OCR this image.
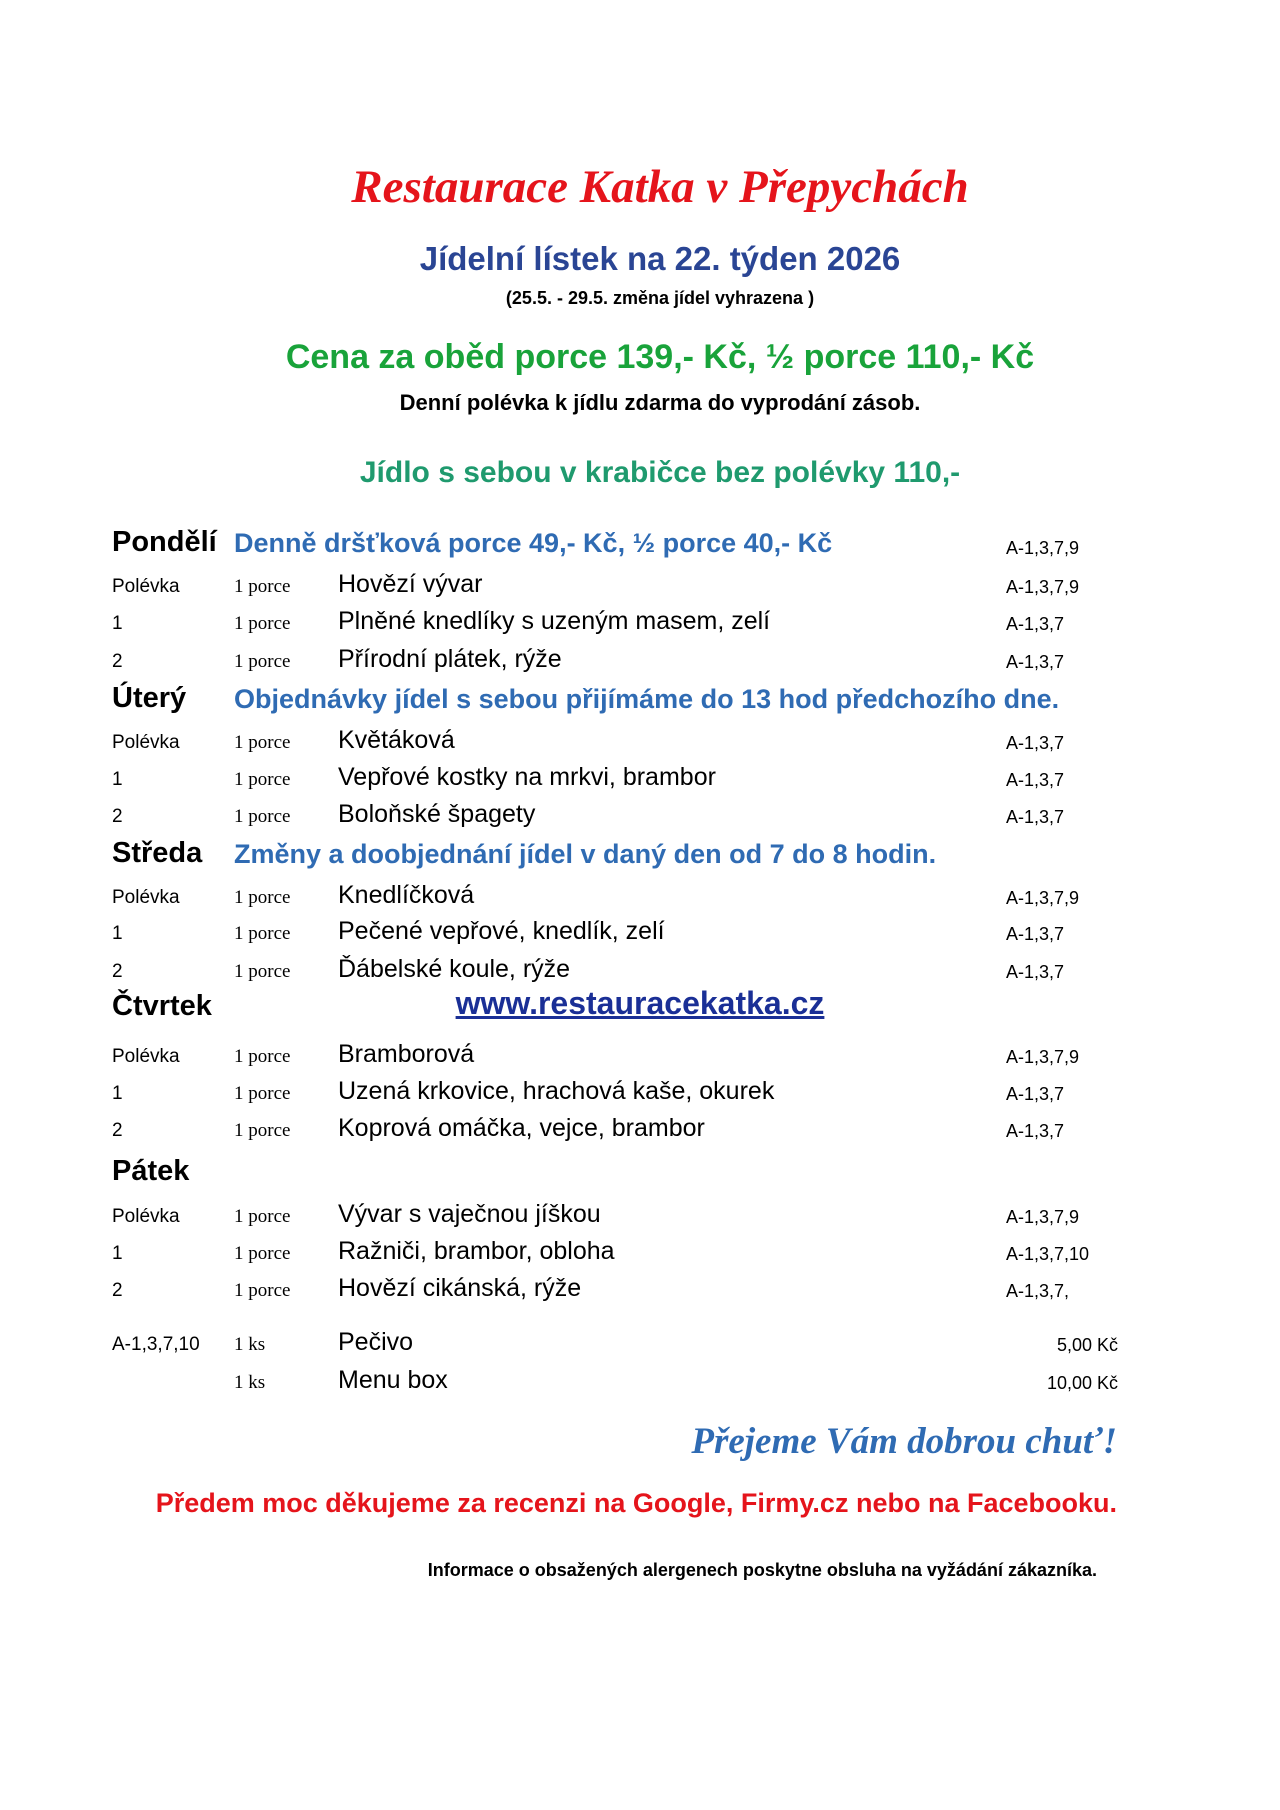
Restaurace Katka v Přepychách
Jídelní lístek na 22. týden 2026
(25.5. - 29.5. změna jídel vyhrazena )
Cena za oběd porce 139,- Kč, ½ porce 110,- Kč
Denní polévka k jídlu zdarma do vyprodání zásob.
Jídlo s sebou v krabičce bez polévky 110,-
Pondělí Denně dršťková porce 49,- Kč, ½ porce 40,- Kč	A-1,3,7,9
Polévka	1 porce Hovězí vývar	A-1,3,7,9
1	1 porce Plněné knedlíky s uzeným masem, zelí	A-1,3,7
2	1 porce Přírodní plátek, rýže	A-1,3,7
Úterý Objednávky jídel s sebou přijímáme do 13 hod předchozího dne.
Polévka	1 porce Květáková	A-1,3,7
1	1 porce Vepřové kostky na mrkvi, brambor	A-1,3,7
2	1 porce Boloňské špagety	A-1,3,7
Středa Změny a doobjednání jídel v daný den od 7 do 8 hodin.
Polévka	1 porce Knedlíčková	A-1,3,7,9
1	1 porce Pečené vepřové, knedlík, zelí	A-1,3,7
2	1 porce Ďábelské koule, rýže	A-1,3,7
Čtvrtek	www.restauracekatka.cz
Polévka	1 porce Bramborová	A-1,3,7,9
1	1 porce Uzená krkovice, hrachová kaše, okurek	A-1,3,7
2	1 porce Koprová omáčka, vejce, brambor	A-1,3,7
Pátek
Polévka	1 porce Vývar s vaječnou jíškou	A-1,3,7,9
1	1 porce Ražniči, brambor, obloha	A-1,3,7,10
2	1 porce Hovězí cikánská, rýže	A-1,3,7,
A-1,3,7,10 1 ks	Pečivo	5,00 Kč
1 ks	Menu box	10,00 Kč
Přejeme Vám dobrou chuť!
Předem moc děkujeme za recenzi na Google, Firmy.cz nebo na Facebooku.
Informace o obsažených alergenech poskytne obsluha na vyžádání zákazníka.
